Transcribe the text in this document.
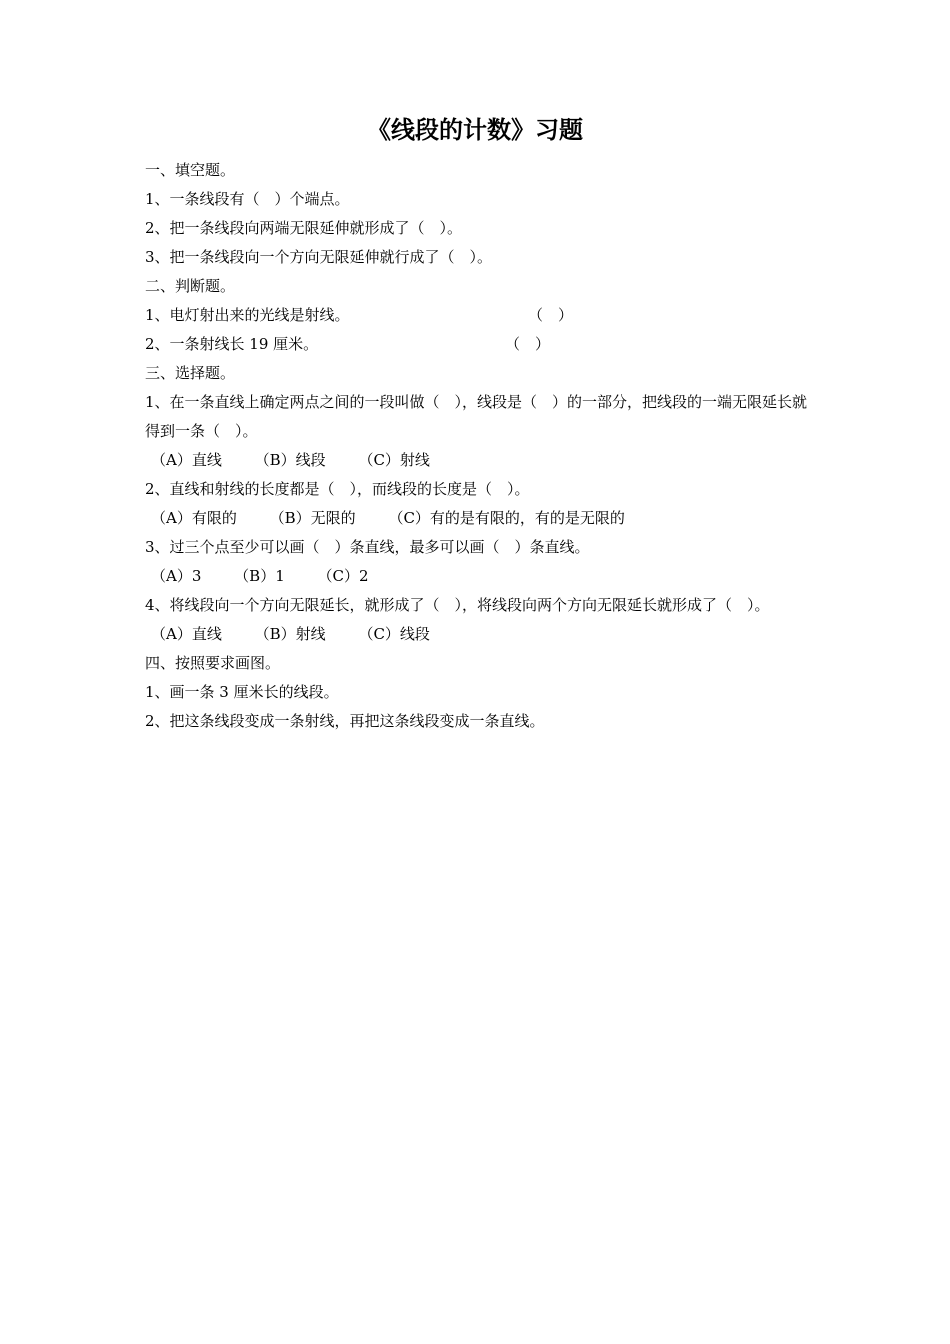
《线段的计数》习题
一、填空题。
1、一条线段有（　）个端点。
2、把一条线段向两端无限延伸就形成了（　）。
3、把一条线段向一个方向无限延伸就行成了（　）。
二、判断题。
1、电灯射出来的光线是射线。	（　）
2、一条射线长 19 厘米。	（　）
三、选择题。
1、在一条直线上确定两点之间的一段叫做（　），线段是（　）的一部分，把线段的一端无限延长就得到一条（　）。
（A）直线 （B）线段 （C）射线
2、直线和射线的长度都是（　），而线段的长度是（　）。
（A）有限的 （B）无限的 （C）有的是有限的，有的是无限的
3、过三个点至少可以画（　）条直线，最多可以画（　）条直线。
（A）3 （B）1 （C）2
4、将线段向一个方向无限延长，就形成了（　），将线段向两个方向无限延长就形成了（　）。
（A）直线 （B）射线 （C）线段
四、按照要求画图。
1、画一条 3 厘米长的线段。
2、把这条线段变成一条射线，再把这条线段变成一条直线。
